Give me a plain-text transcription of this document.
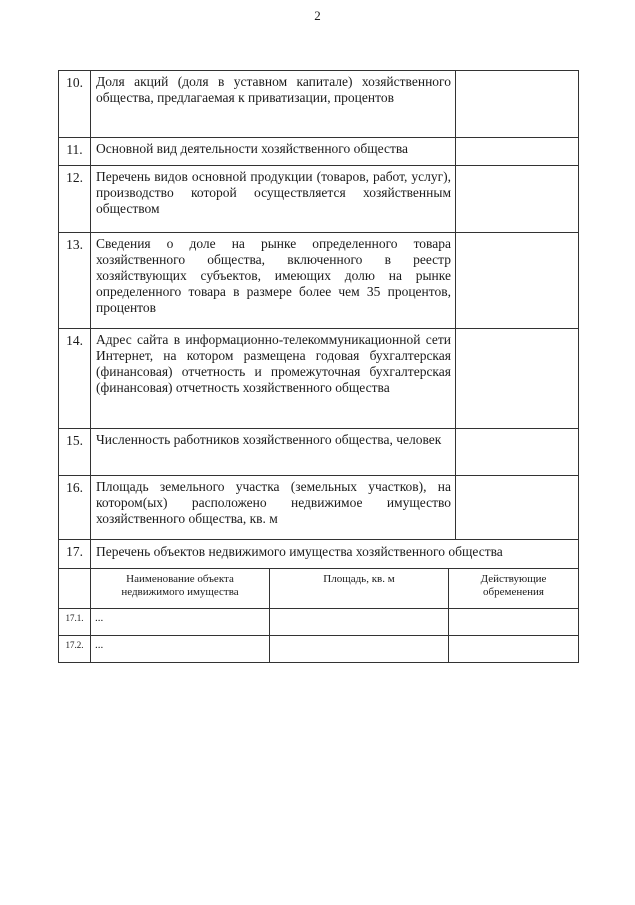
2
10.	Доля акций (доля в уставном капитале) хозяйственного общества, предлагаемая к приватизации, процентов	
11.	Основной вид деятельности хозяйственного общества	
12.	Перечень видов основной продукции (товаров, работ, услуг), производство которой осуществляется хозяйственным обществом	
13.	Сведения о доле на рынке определенного товара хозяйственного общества, включенного в реестр хозяйствующих субъектов, имеющих долю на рынке определенного товара в размере более чем 35 процентов, процентов	
14.	Адрес сайта в информационно-телекоммуникационной сети Интернет, на котором размещена годовая бухгалтерская (финансовая) отчетность и промежуточная бухгалтерская (финансовая) отчетность хозяйственного общества	
15.	Численность работников хозяйственного общества, человек	
16.	Площадь земельного участка (земельных участков), на котором(ых) расположено недвижимое имущество хозяйственного общества, кв. м	
17.	Перечень объектов недвижимого имущества хозяйственного общества	
	Наименование объекта недвижимого имущества	Площадь, кв. м	Действующие обременения
17.1.	...		
17.2.	...		
